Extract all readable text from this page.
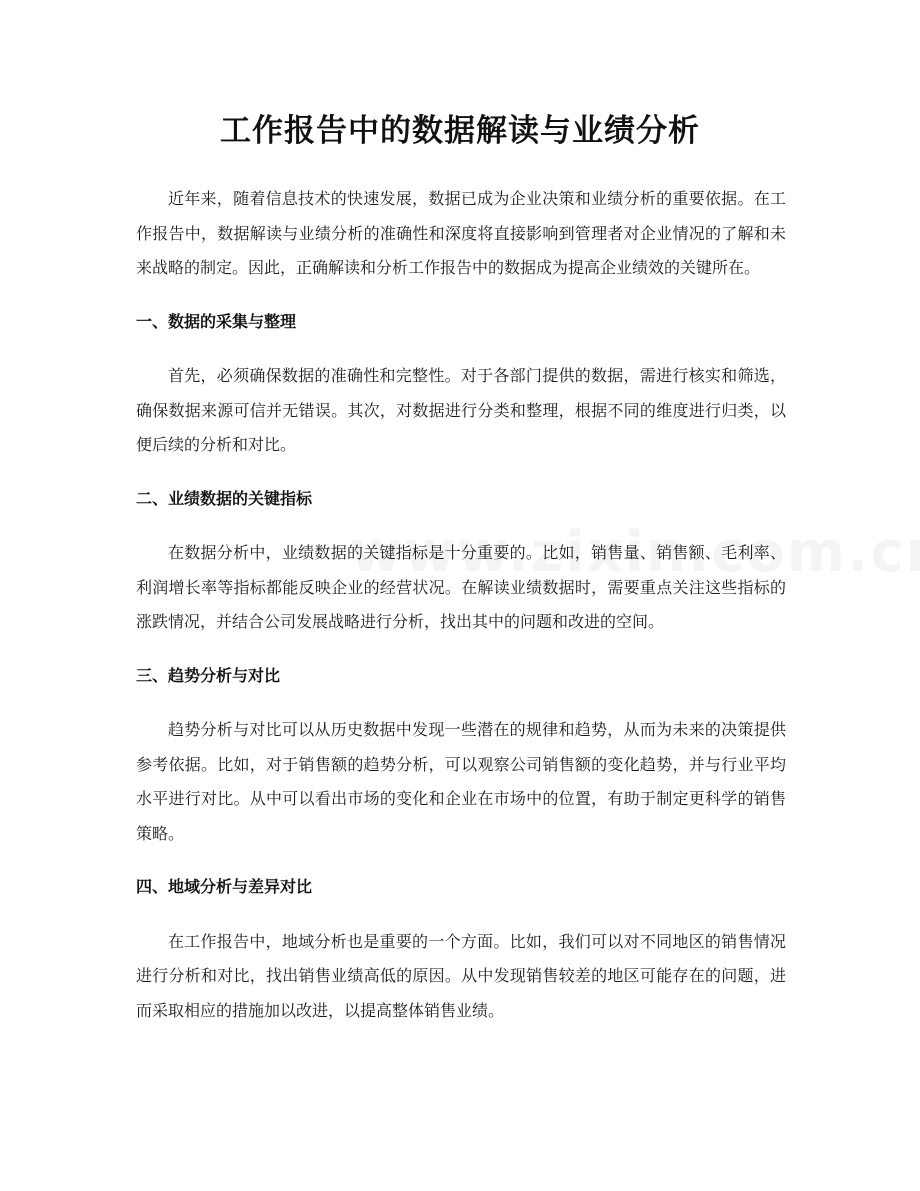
工作报告中的数据解读与业绩分析

近年来，随着信息技术的快速发展，数据已成为企业决策和业绩分析的重要依据。在工作报告中，数据解读与业绩分析的准确性和深度将直接影响到管理者对企业情况的了解和未来战略的制定。因此，正确解读和分析工作报告中的数据成为提高企业绩效的关键所在。

一、数据的采集与整理

首先，必须确保数据的准确性和完整性。对于各部门提供的数据，需进行核实和筛选，确保数据来源可信并无错误。其次，对数据进行分类和整理，根据不同的维度进行归类，以便后续的分析和对比。

二、业绩数据的关键指标

在数据分析中，业绩数据的关键指标是十分重要的。比如，销售量、销售额、毛利率、利润增长率等指标都能反映企业的经营状况。在解读业绩数据时，需要重点关注这些指标的涨跌情况，并结合公司发展战略进行分析，找出其中的问题和改进的空间。

三、趋势分析与对比

趋势分析与对比可以从历史数据中发现一些潜在的规律和趋势，从而为未来的决策提供参考依据。比如，对于销售额的趋势分析，可以观察公司销售额的变化趋势，并与行业平均水平进行对比。从中可以看出市场的变化和企业在市场中的位置，有助于制定更科学的销售策略。

四、地域分析与差异对比

在工作报告中，地域分析也是重要的一个方面。比如，我们可以对不同地区的销售情况进行分析和对比，找出销售业绩高低的原因。从中发现销售较差的地区可能存在的问题，进而采取相应的措施加以改进，以提高整体销售业绩。
